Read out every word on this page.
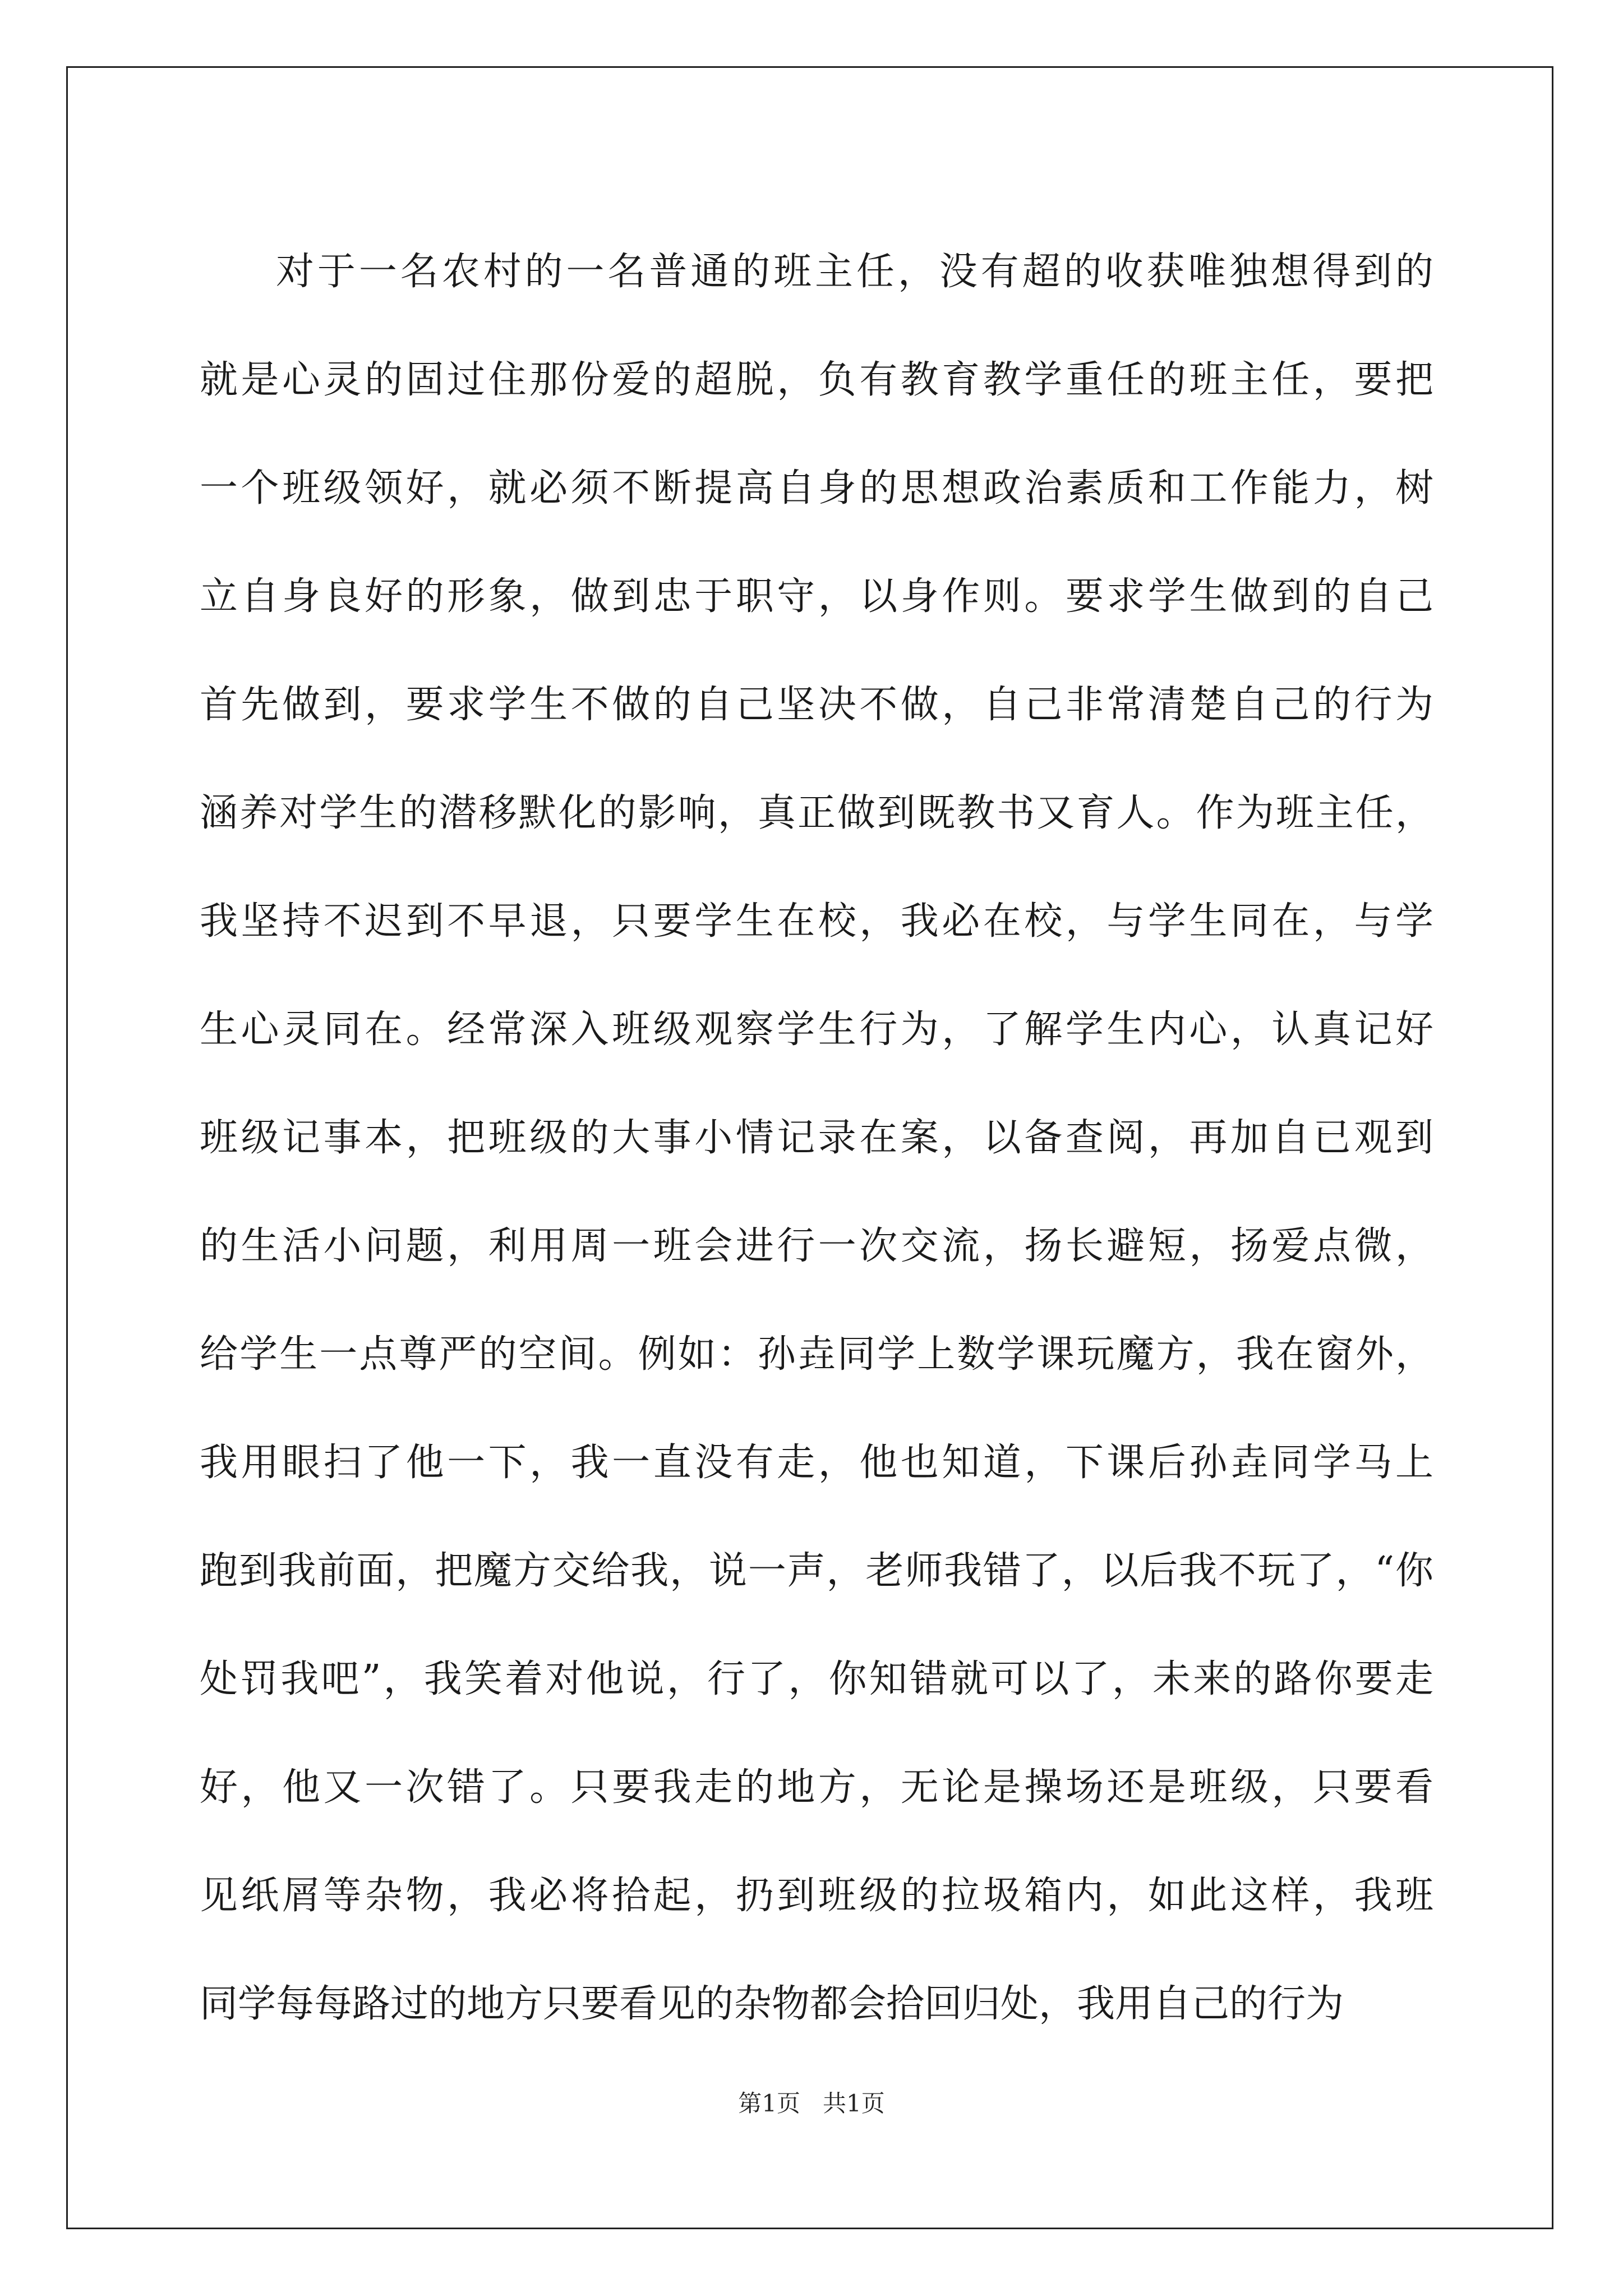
对于一名农村的一名普通的班主任，没有超的收获唯独想得到的
就是心灵的固过住那份爱的超脱，负有教育教学重任的班主任，要把
一个班级领好，就必须不断提高自身的思想政治素质和工作能力，树
立自身良好的形象，做到忠于职守，以身作则。要求学生做到的自己
首先做到，要求学生不做的自己坚决不做，自己非常清楚自己的行为
涵养对学生的潜移默化的影响，真正做到既教书又育人。作为班主任，
我坚持不迟到不早退，只要学生在校，我必在校，与学生同在，与学
生心灵同在。经常深入班级观察学生行为，了解学生内心，认真记好
班级记事本，把班级的大事小情记录在案，以备查阅，再加自已观到
的生活小问题，利用周一班会进行一次交流，扬长避短，扬爱点微，
给学生一点尊严的空间。例如：孙垚同学上数学课玩魔方，我在窗外，
我用眼扫了他一下，我一直没有走，他也知道，下课后孙垚同学马上
跑到我前面，把魔方交给我，说一声，老师我错了，以后我不玩了，“你
处罚我吧”，我笑着对他说，行了，你知错就可以了，未来的路你要走
好，他又一次错了。只要我走的地方，无论是操场还是班级，只要看
见纸屑等杂物，我必将拾起，扔到班级的拉圾箱内，如此这样，我班
同学每每路过的地方只要看见的杂物都会拾回归处，我用自己的行为
第1页   共1页
